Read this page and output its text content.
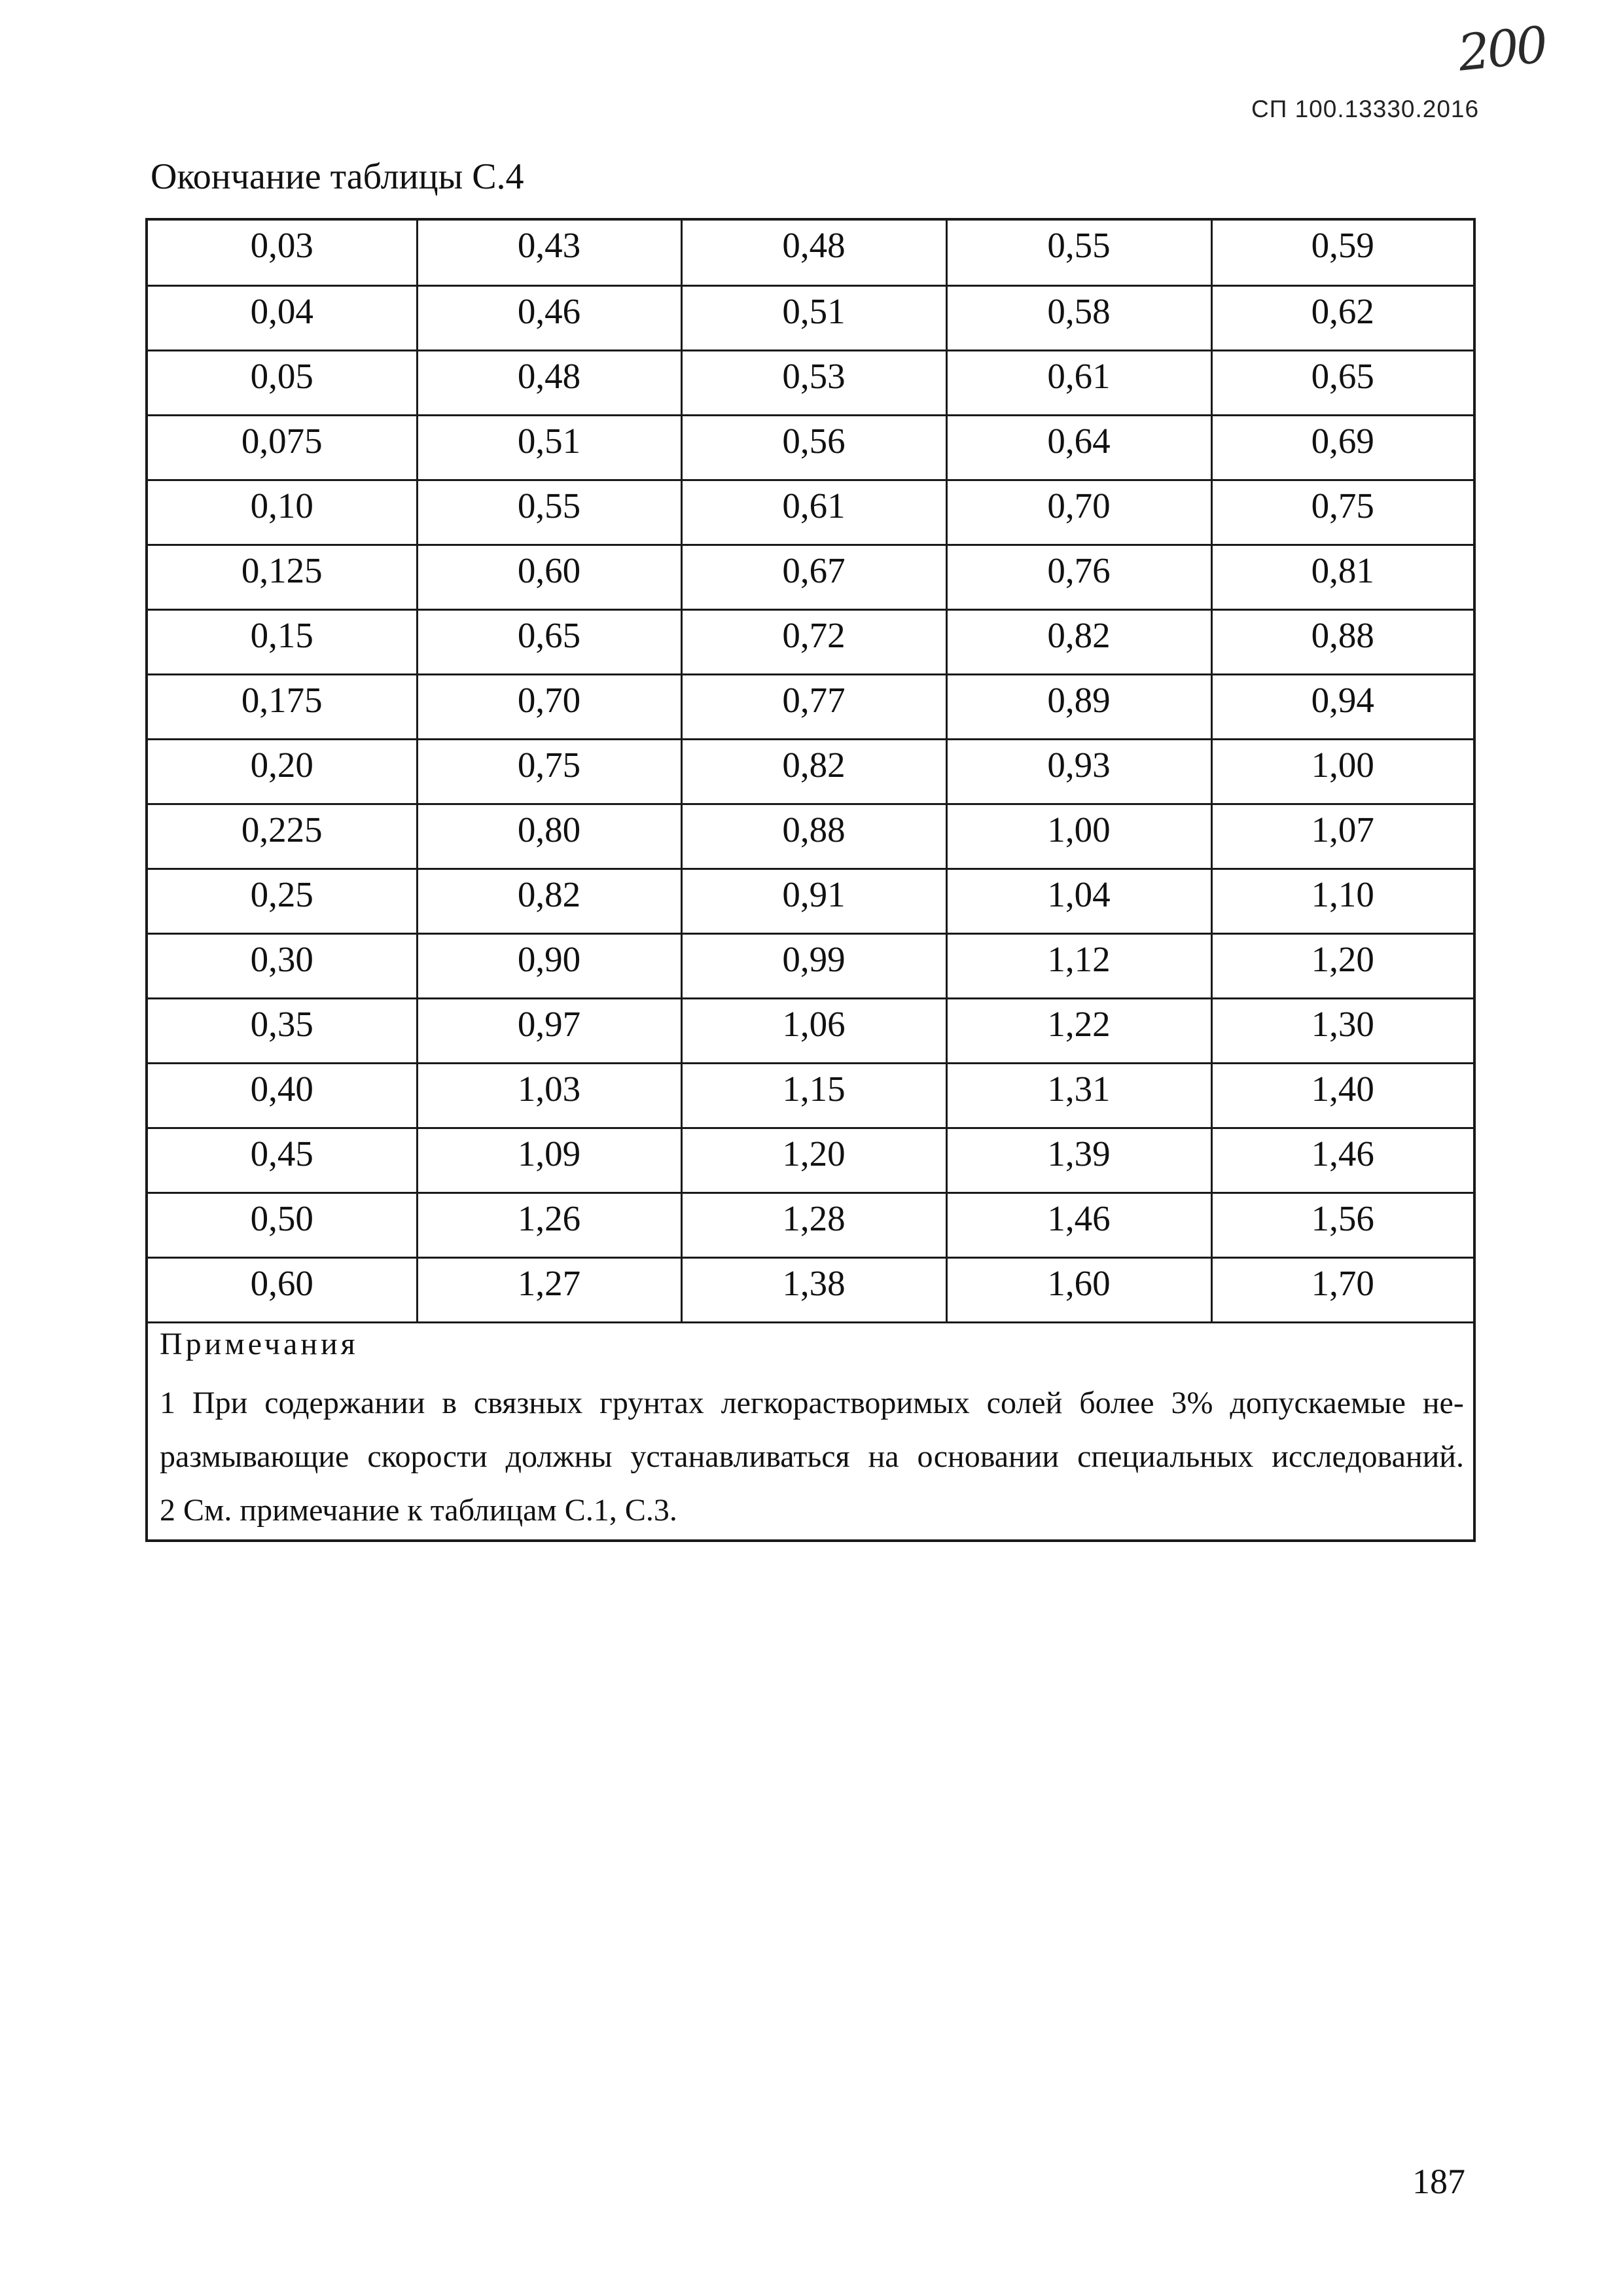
200
СП 100.13330.2016
Окончание таблицы С.4
0,03	0,43	0,48	0,55	0,59
0,04	0,46	0,51	0,58	0,62
0,05	0,48	0,53	0,61	0,65
0,075	0,51	0,56	0,64	0,69
0,10	0,55	0,61	0,70	0,75
0,125	0,60	0,67	0,76	0,81
0,15	0,65	0,72	0,82	0,88
0,175	0,70	0,77	0,89	0,94
0,20	0,75	0,82	0,93	1,00
0,225	0,80	0,88	1,00	1,07
0,25	0,82	0,91	1,04	1,10
0,30	0,90	0,99	1,12	1,20
0,35	0,97	1,06	1,22	1,30
0,40	1,03	1,15	1,31	1,40
0,45	1,09	1,20	1,39	1,46
0,50	1,26	1,28	1,46	1,56
0,60	1,27	1,38	1,60	1,70
Примечания
1 При содержании в связных грунтах легкорастворимых солей более 3% допускаемые не-
размывающие скорости должны устанавливаться на основании специальных исследований.
2 См. примечание к таблицам С.1, С.3.
187
